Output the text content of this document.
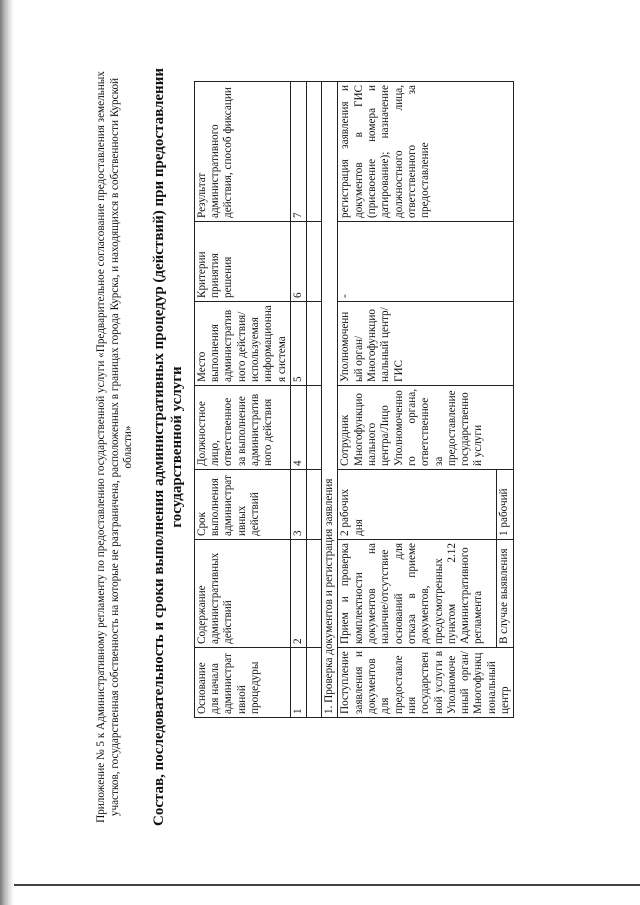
Приложение № 5 к Административному регламенту по предоставлению государственной услуги «Предварительное согласование предоставления земельных участков, государственная собственность на которые не разграничена, расположенных в границах города Курска, и находящихся в собственности Курской области» Состав, последовательность и сроки выполнения административных процедур (действий) при предоставлении государственной услуги
Основание для начала административной процедуры	Содержание административных действий	Срок выполнения административных действий	Должностное лицо, ответственное за выполнение административного действия	Место выполнения административного действия/используемая информационная система	Критерии принятия решения	Результат административного действия, способ фиксации
1	2	3	4	5	6	7

1. Проверка документов и регистрация заявления						
Поступление заявления и документов для предоставления государственной услуги в Уполномоченный орган/Многофункциональный центр	Прием и проверка комплектности документов на наличие/отсутствие оснований для отказа в приеме документов, предусмотренных пунктом 2.12 Административного регламента	2 рабочих дня	Сотрудник Многофункционального центра/Лицо Уполномоченного органа, ответственное за предоставление государственной услуги	Уполномоченный орган/Многофункциональный центр/ГИС	-	регистрация заявления и документов в ГИС (присвоение номера и датирование); назначение должностного лица, ответственного за предоставление
	В случае выявления	1 рабочий				
